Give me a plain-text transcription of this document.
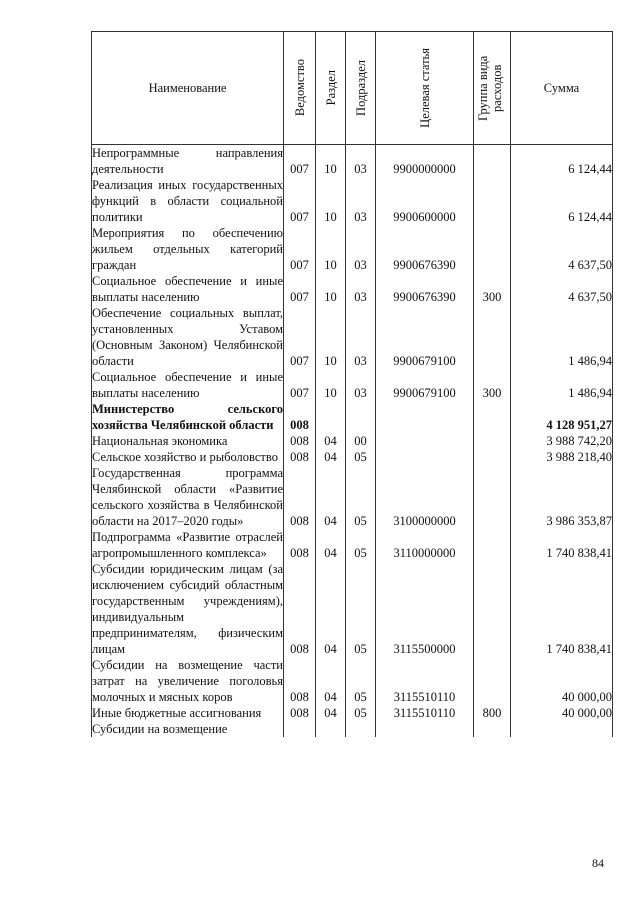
Наименование	Ведомство	Раздел	Подраздел	Целевая статья	Группа вида расходов	Сумма
Непрограммные направления деятельности	007	10	03	9900000000		6 124,44
Реализация иных государственных функций в области социальной политики	007	10	03	9900600000		6 124,44
Мероприятия по обеспечению жильем отдельных категорий граждан	007	10	03	9900676390		4 637,50
Социальное обеспечение и иные выплаты населению	007	10	03	9900676390	300	4 637,50
Обеспечение социальных выплат, установленных Уставом (Основным Законом) Челябинской области	007	10	03	9900679100		1 486,94
Социальное обеспечение и иные выплаты населению	007	10	03	9900679100	300	1 486,94
Министерство сельского хозяйства Челябинской области	008					4 128 951,27
Национальная экономика	008	04	00			3 988 742,20
Сельское хозяйство и рыболовство	008	04	05			3 988 218,40
Государственная программа Челябинской области «Развитие сельского хозяйства в Челябинской области на 2017–2020 годы»	008	04	05	3100000000		3 986 353,87
Подпрограмма «Развитие отраслей агропромышленного комплекса»	008	04	05	3110000000		1 740 838,41
Субсидии юридическим лицам (за исключением субсидий областным государственным учреждениям), индивидуальным предпринимателям, физическим лицам	008	04	05	3115500000		1 740 838,41
Субсидии на возмещение части затрат на увеличение поголовья молочных и мясных коров	008	04	05	3115510110		40 000,00
Иные бюджетные ассигнования	008	04	05	3115510110	800	40 000,00
Субсидии на возмещение						
84
